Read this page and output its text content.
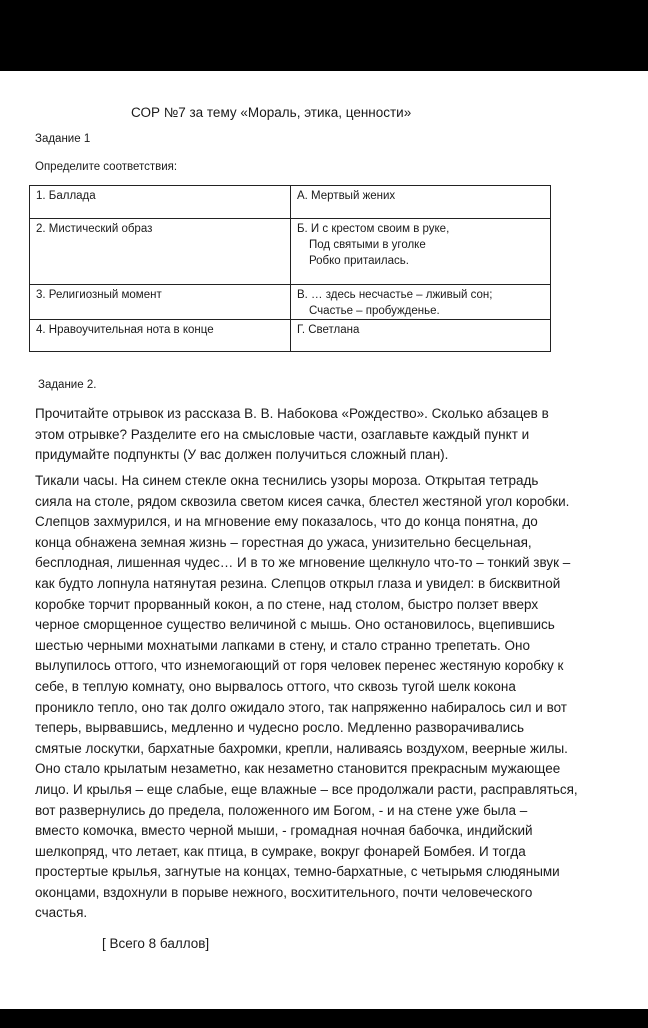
СОР №7 за тему «Мораль, этика, ценности»
Задание 1
Определите соответствия:
1. Баллада	А. Мертвый жених
2. Мистический образ	Б. И с крестом своим в руке,
Под святыми в уголке
Робко притаилась.

3. Религиозный момент	В. … здесь несчастье – лживый сон;
Счастье – пробужденье.

4. Нравоучительная нота в конце	Г. Светлана
Задание 2.
Прочитайте отрывок из рассказа В. В. Набокова «Рождество». Сколько абзацев в
этом отрывке? Разделите его на смысловые части, озаглавьте каждый пункт и
придумайте подпункты (У вас должен получиться сложный план).
Тикали часы. На синем стекле окна теснились узоры мороза. Открытая тетрадь
сияла на столе, рядом сквозила светом кисея сачка, блестел жестяной угол коробки.
Слепцов захмурился, и на мгновение ему показалось, что до конца понятна, до
конца обнажена земная жизнь – горестная до ужаса, унизительно бесцельная,
бесплодная, лишенная чудес… И в то же мгновение щелкнуло что-то – тонкий звук –
как будто лопнула натянутая резина. Слепцов открыл глаза и увидел: в бисквитной
коробке торчит прорванный кокон, а по стене, над столом, быстро ползет вверх
черное сморщенное существо величиной с мышь. Оно остановилось, вцепившись
шестью черными мохнатыми лапками в стену, и стало странно трепетать. Оно
вылупилось оттого, что изнемогающий от горя человек перенес жестяную коробку к
себе, в теплую комнату, оно вырвалось оттого, что сквозь тугой шелк кокона
проникло тепло, оно так долго ожидало этого, так напряженно набиралось сил и вот
теперь, вырвавшись, медленно и чудесно росло. Медленно разворачивались
смятые лоскутки, бархатные бахромки, крепли, наливаясь воздухом, веерные жилы.
Оно стало крылатым незаметно, как незаметно становится прекрасным мужающее
лицо. И крылья – еще слабые, еще влажные – все продолжали расти, расправляться,
вот развернулись до предела, положенного им Богом, - и на стене уже была –
вместо комочка, вместо черной мыши, - громадная ночная бабочка, индийский
шелкопряд, что летает, как птица, в сумраке, вокруг фонарей Бомбея. И тогда
простертые крылья, загнутые на концах, темно-бархатные, с четырьмя слюдяными
оконцами, вздохнули в порыве нежного, восхитительного, почти человеческого
счастья.
[ Всего 8 баллов]
